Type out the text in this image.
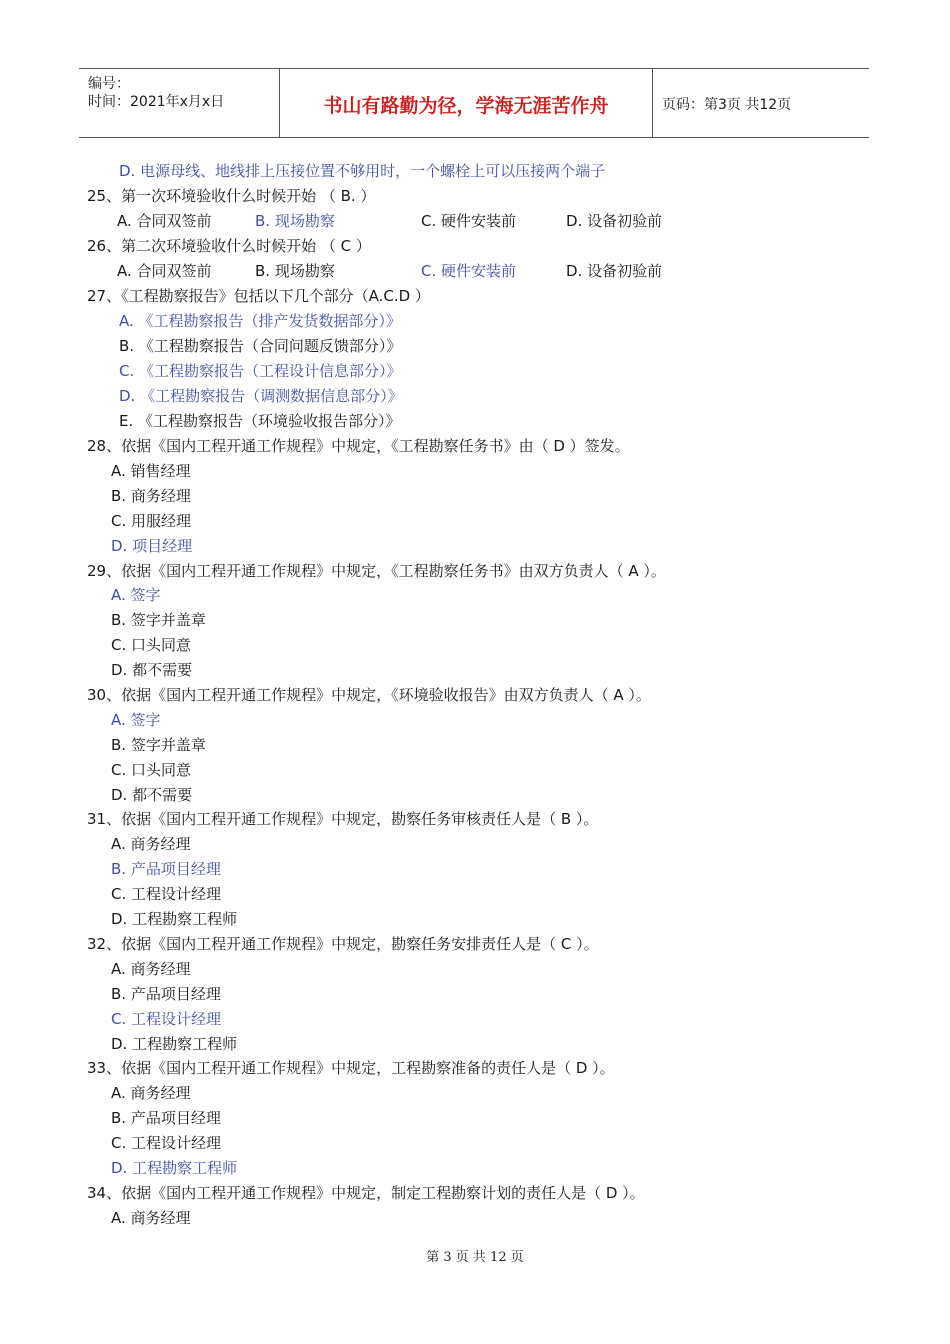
编号：
时间：2021年x月x日	书山有路勤为径，学海无涯苦作舟	页码：第3页 共12页
D. 电源母线、地线排上压接位置不够用时，一个螺栓上可以压接两个端子
25、第一次环境验收什么时候开始 （ B. ）
A. 合同双签前	B. 现场勘察	C. 硬件安装前	D. 设备初验前
26、第二次环境验收什么时候开始 （ C ）
A. 合同双签前	B. 现场勘察	C. 硬件安装前	D. 设备初验前
27、《工程勘察报告》包括以下几个部分（A.C.D ）
A. 《工程勘察报告（排产发货数据部分）》
B. 《工程勘察报告（合同问题反馈部分）》
C. 《工程勘察报告（工程设计信息部分）》
D. 《工程勘察报告（调测数据信息部分）》
E. 《工程勘察报告（环境验收报告部分）》
28、依据《国内工程开通工作规程》中规定，《工程勘察任务书》由（ D ）签发。
A. 销售经理
B. 商务经理
C. 用服经理
D. 项目经理
29、依据《国内工程开通工作规程》中规定，《工程勘察任务书》由双方负责人（ A ）。
A. 签字
B. 签字并盖章
C. 口头同意
D. 都不需要
30、依据《国内工程开通工作规程》中规定，《环境验收报告》由双方负责人（ A ）。
A. 签字
B. 签字并盖章
C. 口头同意
D. 都不需要
31、依据《国内工程开通工作规程》中规定，勘察任务审核责任人是（ B ）。
A. 商务经理
B. 产品项目经理
C. 工程设计经理
D. 工程勘察工程师
32、依据《国内工程开通工作规程》中规定，勘察任务安排责任人是（ C ）。
A. 商务经理
B. 产品项目经理
C. 工程设计经理
D. 工程勘察工程师
33、依据《国内工程开通工作规程》中规定，工程勘察准备的责任人是（ D ）。
A. 商务经理
B. 产品项目经理
C. 工程设计经理
D. 工程勘察工程师
34、依据《国内工程开通工作规程》中规定，制定工程勘察计划的责任人是（ D ）。
A. 商务经理
第 3 页 共 12 页
